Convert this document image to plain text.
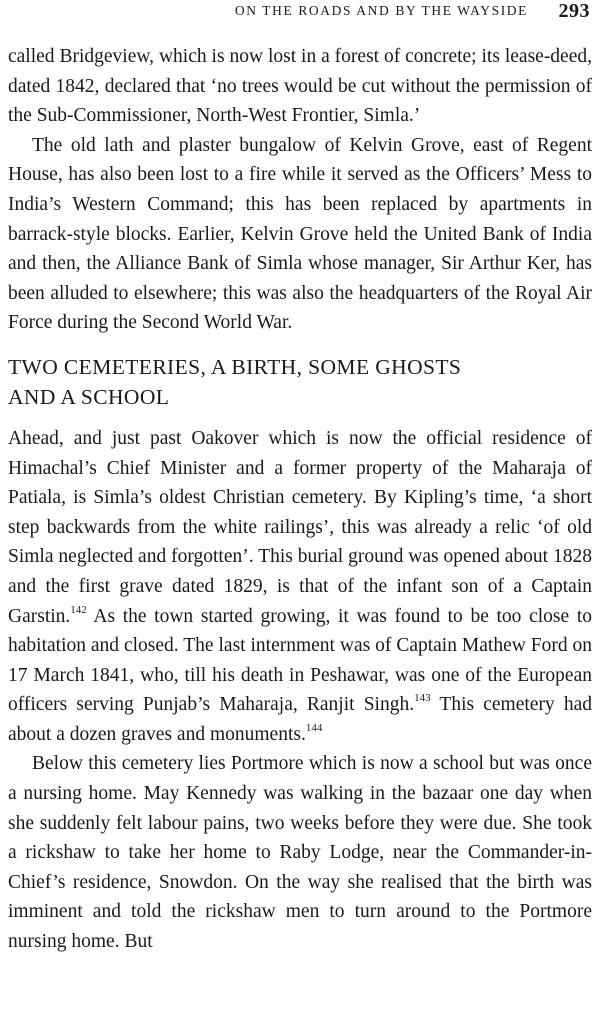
ON THE ROADS AND BY THE WAYSIDE 293

called Bridgeview, which is now lost in a forest of concrete; its lease-deed, dated 1842, declared that ‘no trees would be cut without the permission of the Sub-Commissioner, North-West Frontier, Simla.’

The old lath and plaster bungalow of Kelvin Grove, east of Regent House, has also been lost to a fire while it served as the Officers’ Mess to India’s Western Command; this has been replaced by apartments in barrack-style blocks. Earlier, Kelvin Grove held the United Bank of India and then, the Alliance Bank of Simla whose manager, Sir Arthur Ker, has been alluded to elsewhere; this was also the headquarters of the Royal Air Force during the Second World War.

TWO CEMETERIES, A BIRTH, SOME GHOSTS
AND A SCHOOL

Ahead, and just past Oakover which is now the official residence of Himachal’s Chief Minister and a former property of the Maharaja of Patiala, is Simla’s oldest Christian cemetery. By Kipling’s time, ‘a short step backwards from the white railings’, this was already a relic ‘of old Simla neglected and forgotten’. This burial ground was opened about 1828 and the first grave dated 1829, is that of the infant son of a Captain Garstin.$^{142}$ As the town started growing, it was found to be too close to habitation and closed. The last internment was of Captain Mathew Ford on 17 March 1841, who, till his death in Peshawar, was one of the European officers serving Punjab’s Maharaja, Ranjit Singh.$^{143}$ This cemetery had about a dozen graves and monuments.$^{144}$

Below this cemetery lies Portmore which is now a school but was once a nursing home. May Kennedy was walking in the bazaar one day when she suddenly felt labour pains, two weeks before they were due. She took a rickshaw to take her home to Raby Lodge, near the Commander-in-Chief’s residence, Snowdon. On the way she realised that the birth was imminent and told the rickshaw men to turn around to the Portmore nursing home. But
